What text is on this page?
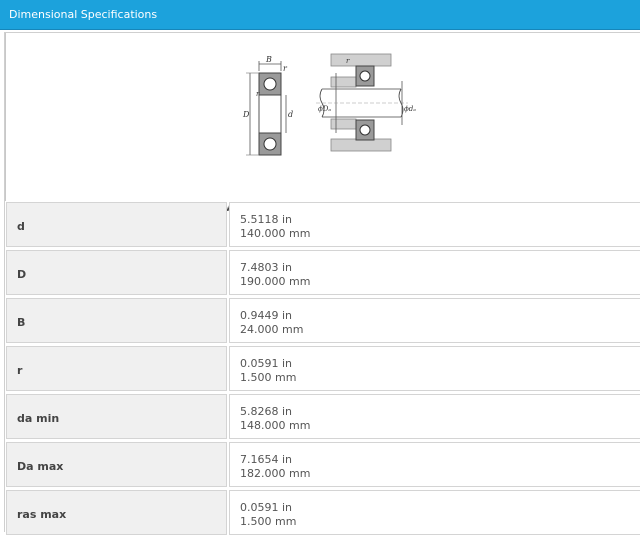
Dimensional Specifications
B
r
r
D	d
r
ϕDₐ	ϕdₐ
d
5.5118 in
140.000 mm
D
7.4803 in
190.000 mm
B
0.9449 in
24.000 mm
r
0.0591 in
1.500 mm
da min
5.8268 in
148.000 mm
Da max
7.1654 in
182.000 mm
ras max
0.0591 in
1.500 mm
